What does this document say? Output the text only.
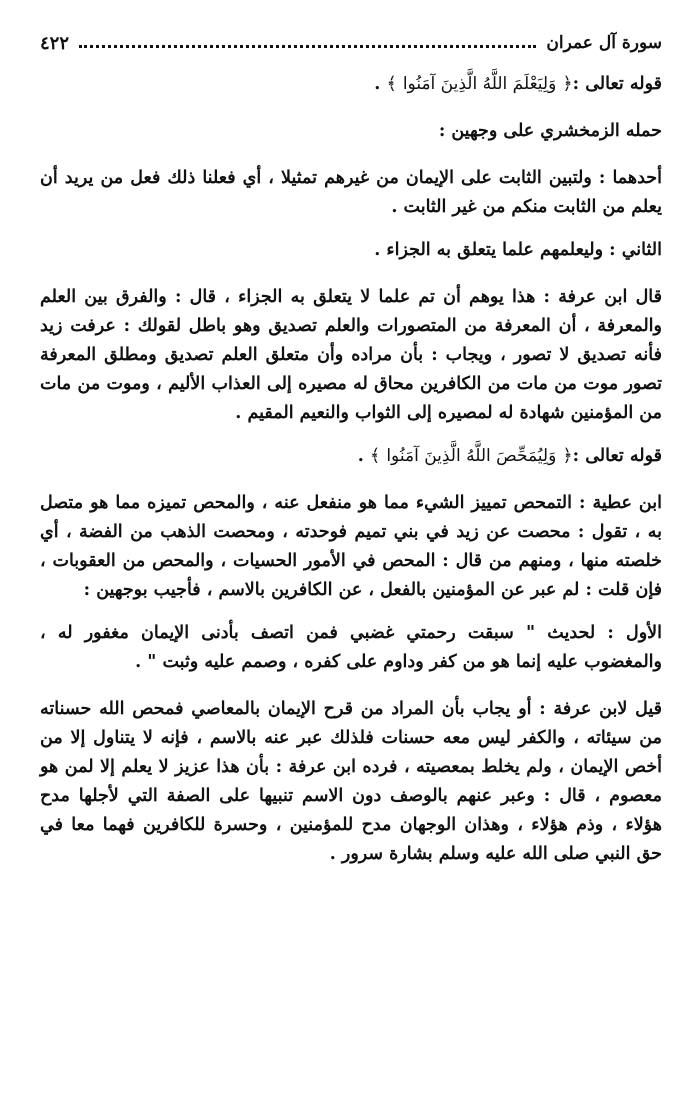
سورة آل عمران
٤٢٢

قوله تعالى :﴿ وَلِيَعْلَمَ اللَّهُ الَّذِينَ آمَنُوا ﴾ .

حمله الزمخشري على وجهين :

أحدهما : ولتبين الثابت على الإيمان من غيرهم تمثيلا ، أي فعلنا ذلك فعل من يريد أن يعلم من الثابت منكم من غير الثابت .

الثاني : وليعلمهم علما يتعلق به الجزاء .

قال ابن عرفة : هذا يوهم أن تم علما لا يتعلق به الجزاء ، قال : والفرق بين العلم والمعرفة ، أن المعرفة من المتصورات والعلم تصديق وهو باطل لقولك : عرفت زيد فأنه تصديق لا تصور ، ويجاب : بأن مراده وأن متعلق العلم تصديق ومطلق المعرفة تصور موت من مات من الكافرين محاق له مصيره إلى العذاب الأليم ، وموت من مات من المؤمنين شهادة له لمصيره إلى الثواب والنعيم المقيم .

قوله تعالى :﴿ وَلِيُمَحِّصَ اللَّهُ الَّذِينَ آمَنُوا ﴾ .

ابن عطية : التمحص تمييز الشيء مما هو منفعل عنه ، والمحص تميزه مما هو متصل به ، تقول : محصت عن زيد في بني تميم فوحدته ، ومحصت الذهب من الفضة ، أي خلصته منها ، ومنهم من قال : المحص في الأمور الحسيات ، والمحص من العقوبات ، فإن قلت : لم عبر عن المؤمنين بالفعل ، عن الكافرين بالاسم ، فأجيب بوجهين :

الأول : لحديث " سبقت رحمتي غضبي فمن اتصف بأدنى الإيمان مغفور له ، والمغضوب عليه إنما هو من كفر وداوم على كفره ، وصمم عليه وثبت " .

قيل لابن عرفة : أو يجاب بأن المراد من قرح الإيمان بالمعاصي فمحص الله حسناته من سيئاته ، والكفر ليس معه حسنات فلذلك عبر عنه بالاسم ، فإنه لا يتناول إلا من أخص الإيمان ، ولم يخلط بمعصيته ، فرده ابن عرفة : بأن هذا عزيز لا يعلم إلا لمن هو معصوم ، قال : وعبر عنهم بالوصف دون الاسم تنبيها على الصفة التي لأجلها مدح هؤلاء ، وذم هؤلاء ، وهذان الوجهان مدح للمؤمنين ، وحسرة للكافرين فهما معا في حق النبي صلى الله عليه وسلم بشارة سرور .
